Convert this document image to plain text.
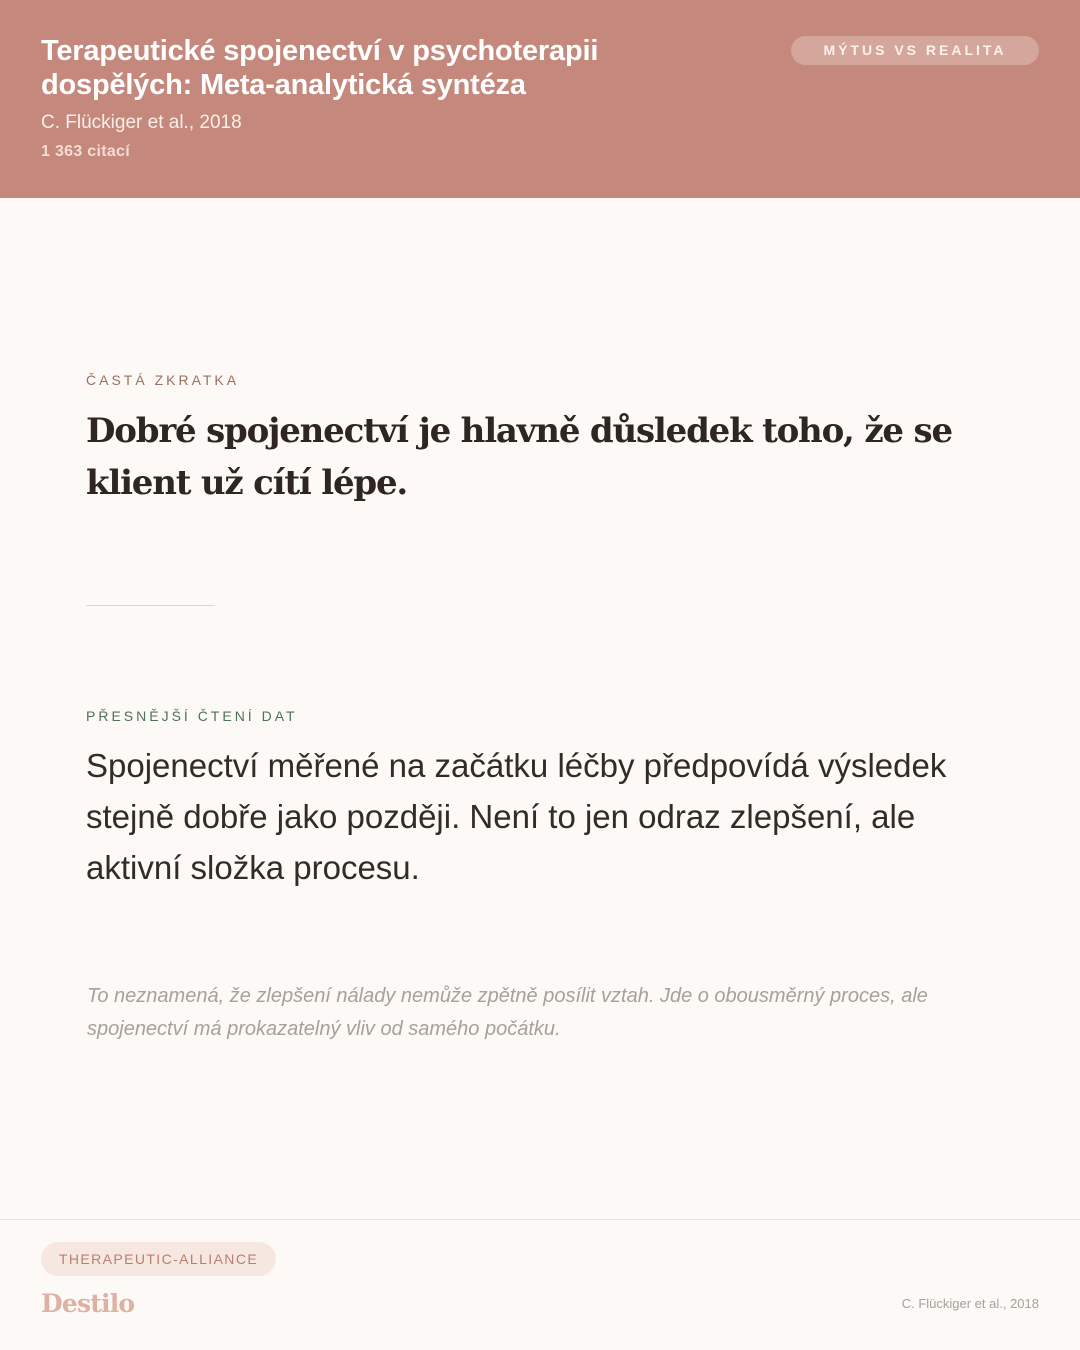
Terapeutické spojenectví v psychoterapii dospělých: Meta-analytická syntéza
C. Flückiger et al., 2018
1 363 citací
MÝTUS VS REALITA
ČASTÁ ZKRATKA
Dobré spojenectví je hlavně důsledek toho, že se klient už cítí lépe.
PŘESNĚJŠÍ ČTENÍ DAT

Spojenectví měřené na začátku léčby předpovídá výsledek stejně dobře jako později. Není to jen odraz zlepšení, ale aktivní složka procesu.

To neznamená, že zlepšení nálady nemůže zpětně posílit vztah. Jde o obousměrný proces, ale spojenectví má prokazatelný vliv od samého počátku.

THERAPEUTIC-ALLIANCE
Destilo	C. Flückiger et al., 2018
